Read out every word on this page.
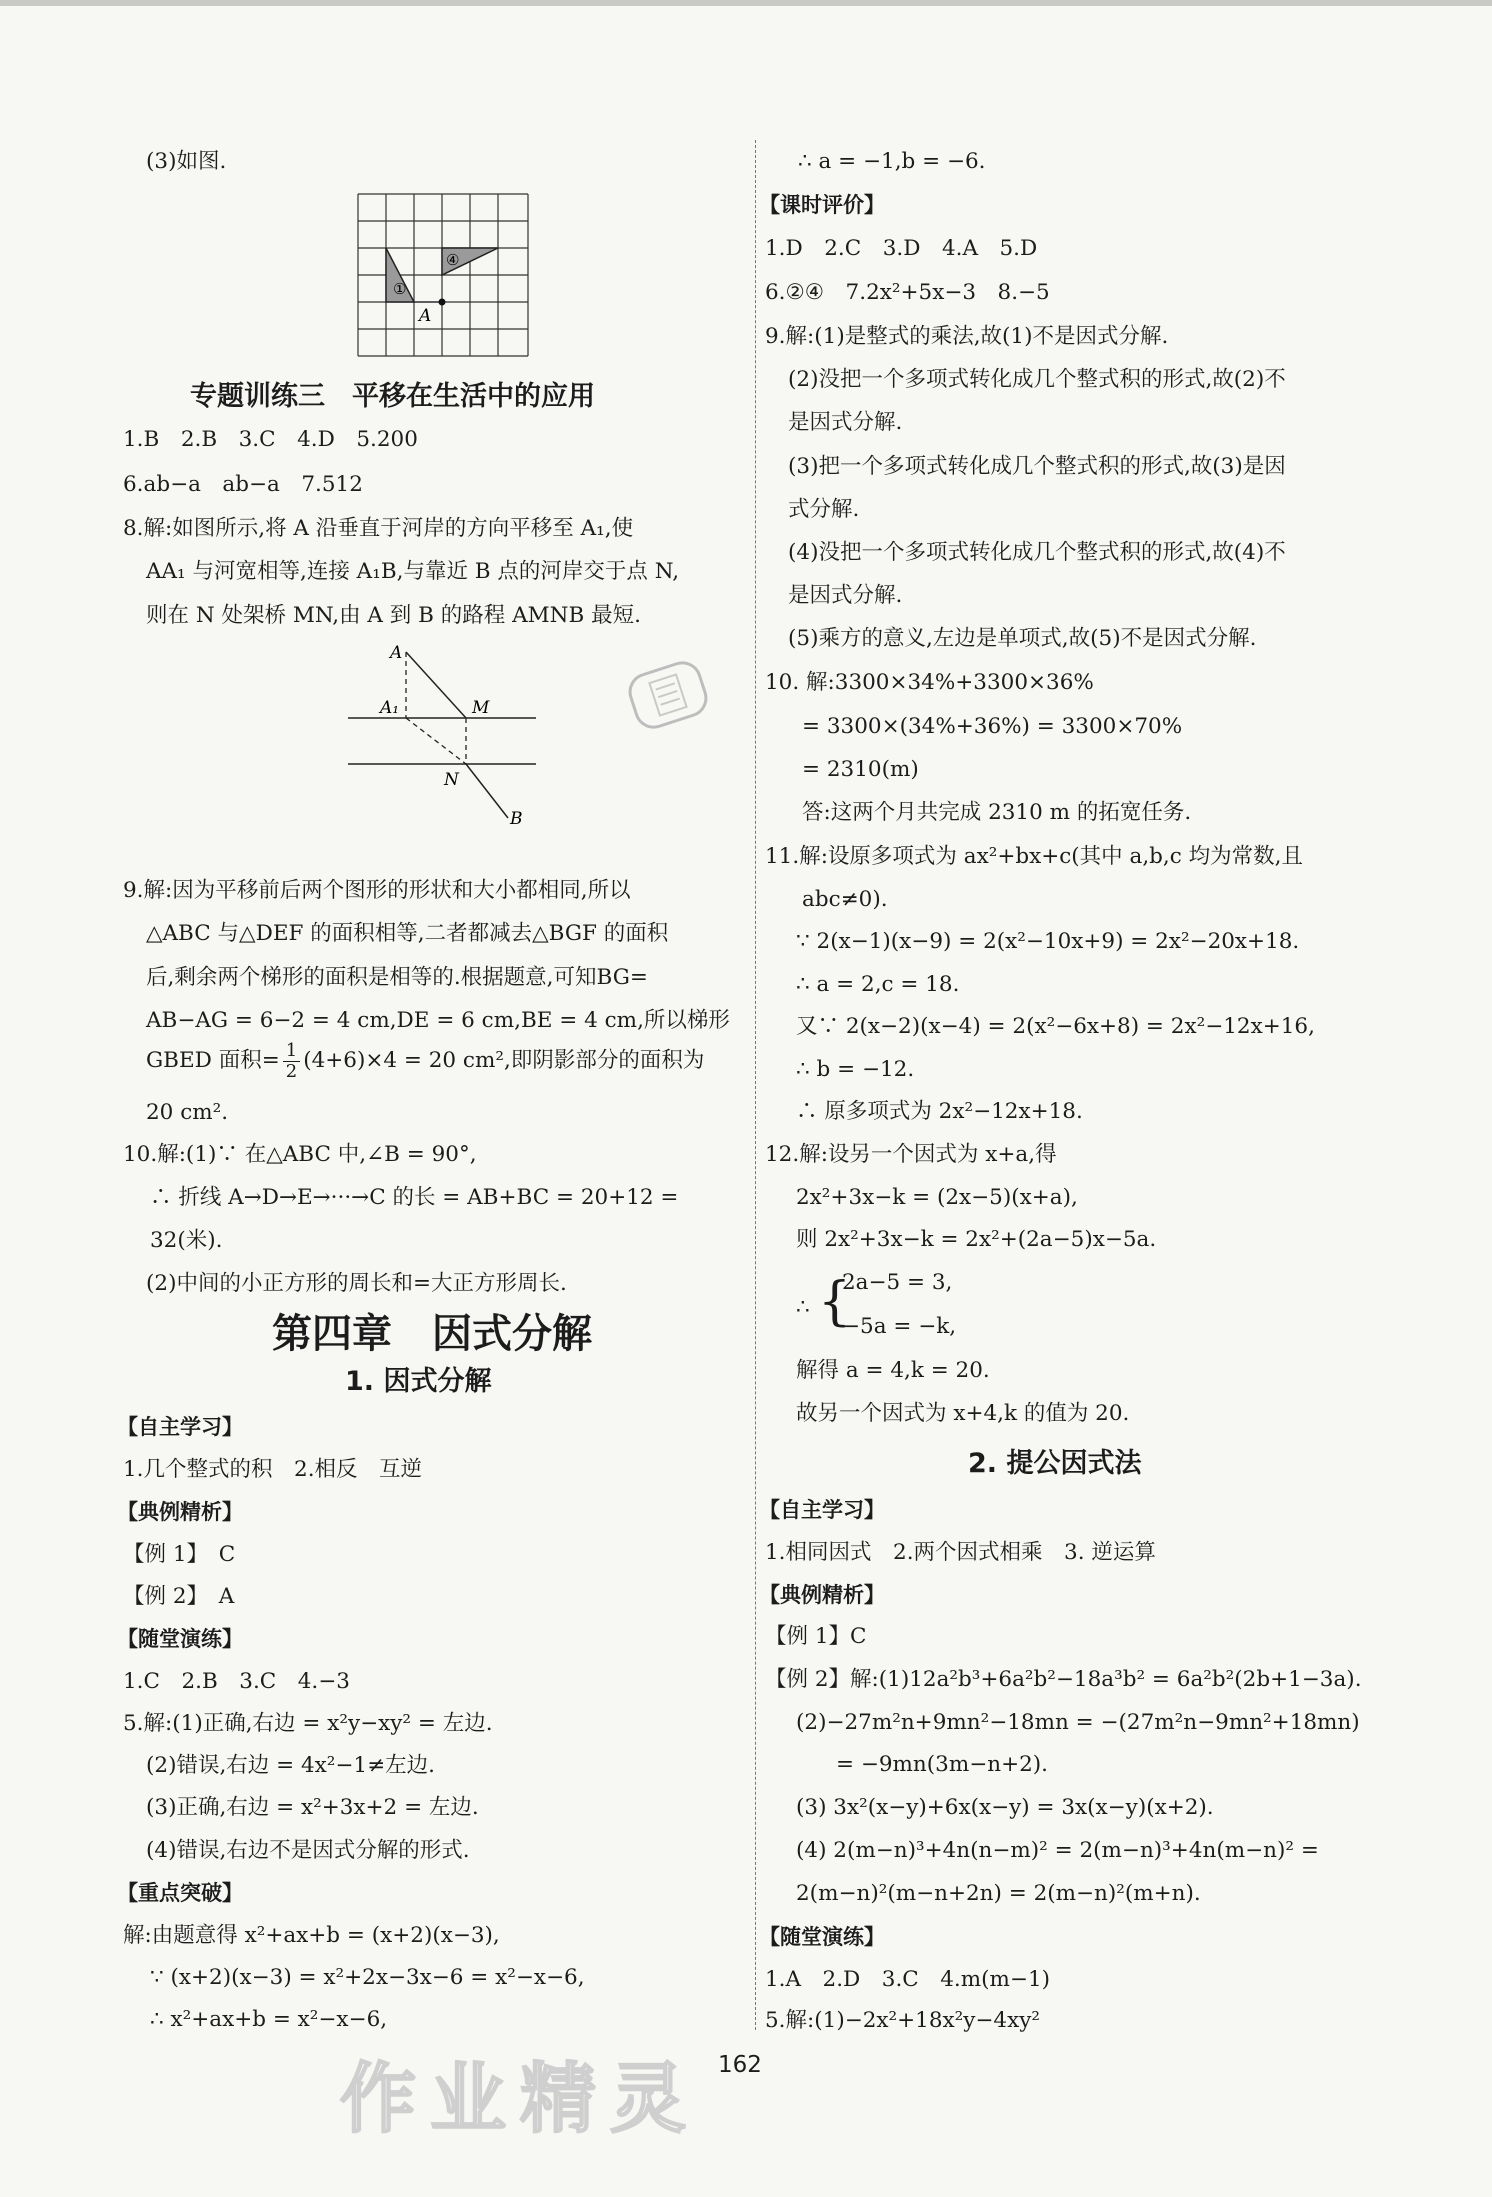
(3)如图.
①
④
A
专题训练三　平移在生活中的应用
1.B　2.B　3.C　4.D　5.200
6.ab−a　ab−a　7.512
8.解:如图所示,将 A 沿垂直于河岸的方向平移至 A₁,使
AA₁ 与河宽相等,连接 A₁B,与靠近 B 点的河岸交于点 N,
则在 N 处架桥 MN,由 A 到 B 的路程 AMNB 最短.
A
A₁	M
N
B
9.解:因为平移前后两个图形的形状和大小都相同,所以
△ABC 与△DEF 的面积相等,二者都减去△BGF 的面积
后,剩余两个梯形的面积是相等的.根据题意,可知BG=
AB−AG = 6−2 = 4 cm,DE = 6 cm,BE = 4 cm,所以梯形
GBED 面积= $\frac{1}{2} (4+6)\times 4 = 20$ cm²,即阴影部分的面积为
20 cm².
10.解:(1)∵ 在△ABC 中,∠B = 90°,
∴ 折线 A→D→E→···→C 的长 = AB+BC = 20+12 =
32(米).
(2)中间的小正方形的周长和=大正方形周长.
第四章　因式分解
1. 因式分解
【自主学习】
1.几个整式的积　2.相反　互逆
【典例精析】
【例 1】　C
【例 2】　A
【随堂演练】
1.C　2.B　3.C　4.−3
5.解:(1)正确,右边 = x²y−xy² = 左边.
(2)错误,右边 = 4x²−1≠左边.
(3)正确,右边 = x²+3x+2 = 左边.
(4)错误,右边不是因式分解的形式.
【重点突破】
解:由题意得 x²+ax+b = (x+2)(x−3),
∵ (x+2)(x−3) = x²+2x−3x−6 = x²−x−6,
∴ x²+ax+b = x²−x−6,
∴ a = −1,b = −6.
【课时评价】
1.D　2.C　3.D　4.A　5.D
6.②④　7.2x²+5x−3　8.−5
9.解:(1)是整式的乘法,故(1)不是因式分解.
(2)没把一个多项式转化成几个整式积的形式,故(2)不
是因式分解.
(3)把一个多项式转化成几个整式积的形式,故(3)是因
式分解.
(4)没把一个多项式转化成几个整式积的形式,故(4)不
是因式分解.
(5)乘方的意义,左边是单项式,故(5)不是因式分解.
10. 解:3300×34%+3300×36%
= 3300×(34%+36%) = 3300×70%
= 2310(m)
答:这两个月共完成 2310 m 的拓宽任务.
11.解:设原多项式为 ax²+bx+c(其中 a,b,c 均为常数,且
abc≠0).
∵ 2(x−1)(x−9) = 2(x²−10x+9) = 2x²−20x+18.
∴ a = 2,c = 18.
又∵ 2(x−2)(x−4) = 2(x²−6x+8) = 2x²−12x+16,
∴ b = −12.
∴ 原多项式为 2x²−12x+18.
12.解:设另一个因式为 x+a,得
2x²+3x−k = (2x−5)(x+a),
则 2x²+3x−k = 2x²+(2a−5)x−5a.
∴ {
2a−5 = 3,
−5a = −k,
解得 a = 4,k = 20.
故另一个因式为 x+4,k 的值为 20.
2. 提公因式法
【自主学习】
1.相同因式　2.两个因式相乘　3. 逆运算
【典例精析】
【例 1】C
【例 2】解:(1)12a²b³+6a²b²−18a³b² = 6a²b²(2b+1−3a).
(2)−27m²n+9mn²−18mn = −(27m²n−9mn²+18mn)
= −9mn(3m−n+2).
(3) 3x²(x−y)+6x(x−y) = 3x(x−y)(x+2).
(4) 2(m−n)³+4n(n−m)² = 2(m−n)³+4n(m−n)² =
2(m−n)²(m−n+2n) = 2(m−n)²(m+n).
【随堂演练】
1.A　2.D　3.C　4.m(m−1)
5.解:(1)−2x²+18x²y−4xy²
162
作业精灵
